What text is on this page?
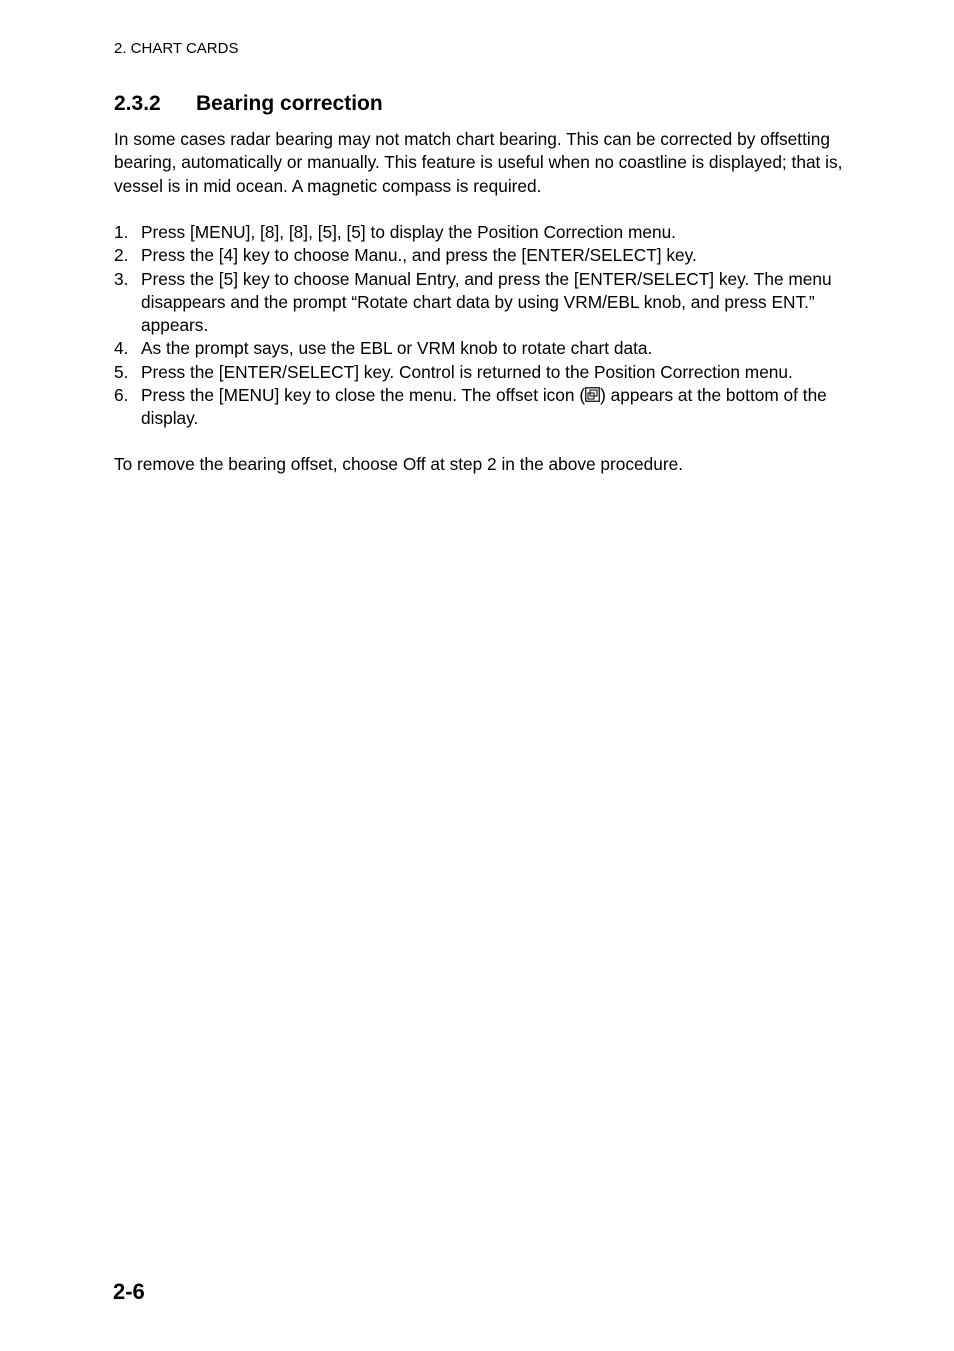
2. CHART CARDS
2.3.2 Bearing correction

In some cases radar bearing may not match chart bearing. This can be corrected by offsetting bearing, automatically or manually. This feature is useful when no coastline is displayed; that is, vessel is in mid ocean. A magnetic compass is required.

1. Press [MENU], [8], [8], [5], [5] to display the Position Correction menu.
2. Press the [4] key to choose Manu., and press the [ENTER/SELECT] key.
3. Press the [5] key to choose Manual Entry, and press the [ENTER/SELECT] key. The menu disappears and the prompt “Rotate chart data by using VRM/EBL knob, and press ENT.” appears.
4. As the prompt says, use the EBL or VRM knob to rotate chart data.
5. Press the [ENTER/SELECT] key. Control is returned to the Position Correction menu.
6. Press the [MENU] key to close the menu. The offset icon ( ) appears at the bottom of the display.

To remove the bearing offset, choose Off at step 2 in the above procedure.

2-6
